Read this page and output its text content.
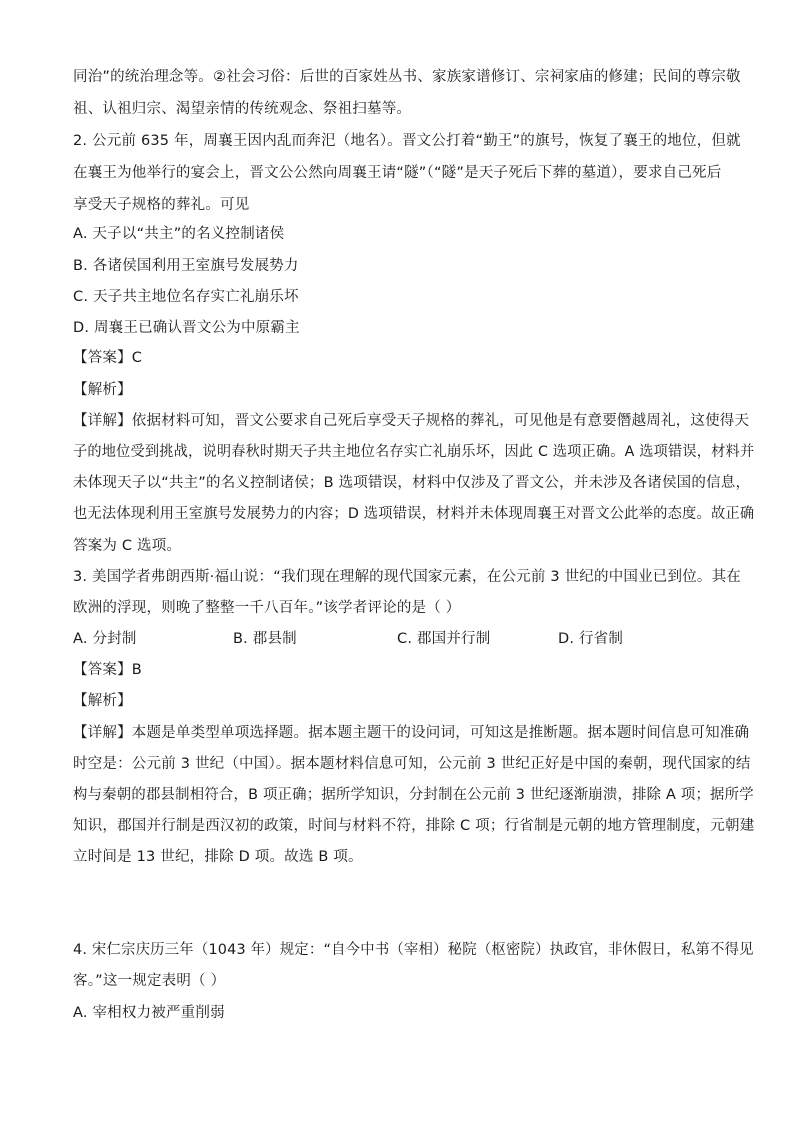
同治”的统治理念等。②社会习俗：后世的百家姓丛书、家族家谱修订、宗祠家庙的修建；民间的尊宗敬
祖、认祖归宗、渴望亲情的传统观念、祭祖扫墓等。
2. 公元前 635 年，周襄王因内乱而奔汜（地名）。晋文公打着“勤王”的旗号，恢复了襄王的地位，但就
在襄王为他举行的宴会上，晋文公公然向周襄王请“隧”（“隧”是天子死后下葬的墓道），要求自己死后
享受天子规格的葬礼。可见
A. 天子以“共主”的名义控制诸侯
B. 各诸侯国利用王室旗号发展势力
C. 天子共主地位名存实亡礼崩乐坏
D. 周襄王已确认晋文公为中原霸主
【答案】C
【解析】
【详解】依据材料可知，晋文公要求自己死后享受天子规格的葬礼，可见他是有意要僭越周礼，这使得天
子的地位受到挑战，说明春秋时期天子共主地位名存实亡礼崩乐坏，因此 C 选项正确。A 选项错误，材料并
未体现天子以“共主”的名义控制诸侯；B 选项错误，材料中仅涉及了晋文公，并未涉及各诸侯国的信息，
也无法体现利用王室旗号发展势力的内容；D 选项错误，材料并未体现周襄王对晋文公此举的态度。故正确
答案为 C 选项。
3. 美国学者弗朗西斯·福山说：“我们现在理解的现代国家元素，在公元前 3 世纪的中国业已到位。其在
欧洲的浮现，则晚了整整一千八百年。”该学者评论的是（ ）
A. 分封制	B. 郡县制	C. 郡国并行制	D. 行省制
【答案】B
【解析】
【详解】本题是单类型单项选择题。据本题主题干的设问词，可知这是推断题。据本题时间信息可知准确
时空是：公元前 3 世纪（中国）。据本题材料信息可知，公元前 3 世纪正好是中国的秦朝，现代国家的结
构与秦朝的郡县制相符合，B 项正确；据所学知识，分封制在公元前 3 世纪逐渐崩溃，排除 A 项；据所学
知识，郡国并行制是西汉初的政策，时间与材料不符，排除 C 项；行省制是元朝的地方管理制度，元朝建
立时间是 13 世纪，排除 D 项。故选 B 项。
4. 宋仁宗庆历三年（1043 年）规定：“自今中书（宰相）秘院（枢密院）执政官，非休假日，私第不得见
客。”这一规定表明（ ）
A. 宰相权力被严重削弱
